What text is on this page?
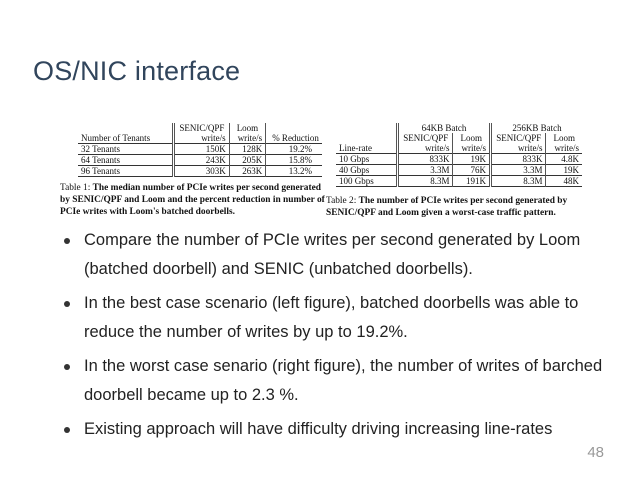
OS/NIC interface
	SENIC/QPF	Loom	
Number of Tenants	write/s	write/s	% Reduction
32 Tenants	150K	128K	19.2%
64 Tenants	243K	205K	15.8%
96 Tenants	303K	263K	13.2%
Table 1: The median number of PCIe writes per second generated by SENIC/QPF and Loom and the percent reduction in number of PCIe writes with Loom's batched doorbells.
	64KB Batch		256KB Batch	
	SENIC/QPF	Loom	SENIC/QPF	Loom
Line-rate	write/s	write/s	write/s	write/s
10 Gbps	833K	19K	833K	4.8K
40 Gbps	3.3M	76K	3.3M	19K
100 Gbps	8.3M	191K	8.3M	48K
Table 2: The number of PCIe writes per second generated by SENIC/QPF and Loom given a worst-case traffic pattern.
Compare the number of PCIe writes per second generated by Loom (batched doorbell) and SENIC (unbatched doorbells).
In the best case scenario (left figure), batched doorbells was able to reduce the number of writes by up to 19.2%.
In the worst case senario (right figure), the number of writes of barched doorbell became up to 2.3 %.
Existing approach will have difficulty driving increasing line-rates
48
